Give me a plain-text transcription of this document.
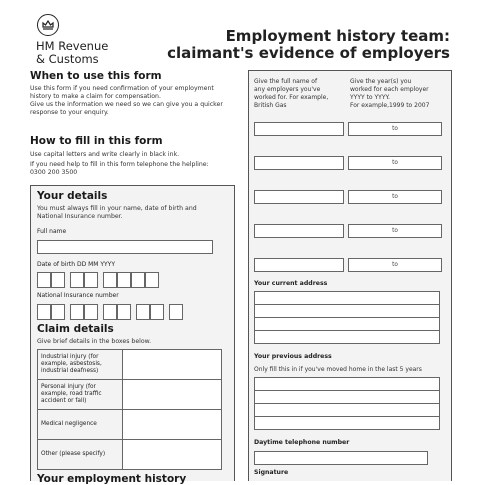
HM Revenue
& Customs
Employment history team:
claimant's evidence of employers
When to use this form
Use this form if you need confirmation of your employment
history to make a claim for compensation.
Give us the information we need so we can give you a quicker
response to your enquiry.
How to fill in this form
Use capital letters and write clearly in black ink.
If you need help to fill in this form telephone the helpline:
0300 200 3500
Your details
You must always fill in your name, date of birth and
National Insurance number.
Full name
Date of birth DD MM YYYY
National Insurance number
Claim details
Give brief details in the boxes below.
Industrial injury (for
example, asbestosis,
industrial deafness)	

Personal injury (for
example, road traffic
accident or fall)	

Medical negligence	

Other (please specify)	

Your employment history
Give the full name of
any employers you've
worked for. For example,
British Gas
Give the year(s) you
worked for each employer
YYYY to YYYY.
For example,1999 to 2007
to
to
to
to
to
Your current address
Your previous address
Only fill this in if you've moved home in the last 5 years
Daytime telephone number
Signature
